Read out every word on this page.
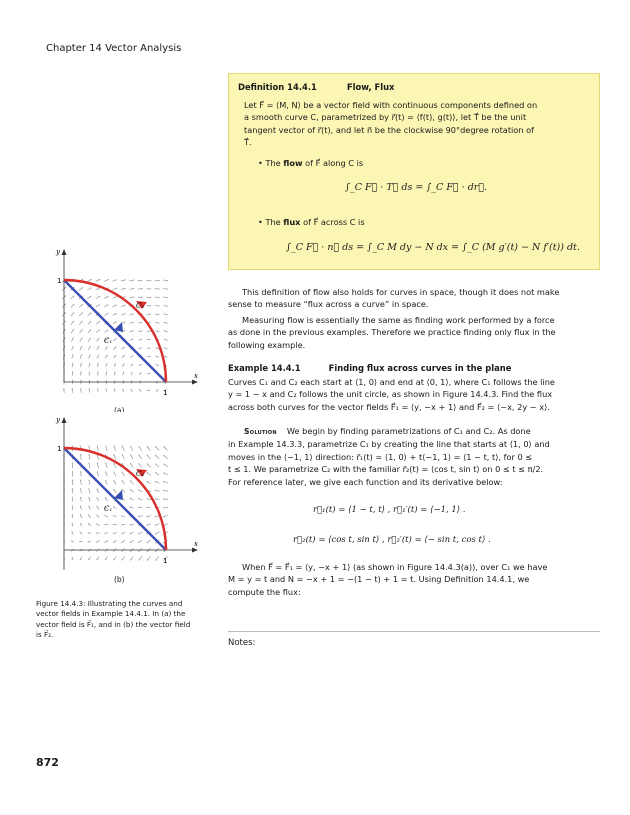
Chapter 14 Vector Analysis
Definition 14.4.1	Flow, Flux
Let F⃗ = ⟨M, N⟩ be a vector field with continuous components defined on
a smooth curve C, parametrized by r⃗(t) = ⟨f(t), g(t)⟩, let T⃗ be the unit
tangent vector of r⃗(t), and let n⃗ be the clockwise 90°degree rotation of
T⃗.
• The flow of F⃗ along C is
∫_C F⃗ · T⃗ ds = ∫_C F⃗ · dr⃗.
• The flux of F⃗ across C is
∫_C F⃗ · n⃗ ds = ∫_C M dy − N dx = ∫_C (M g′(t) − N f′(t)) dt.
This definition of flow also holds for curves in space, though it does not make
sense to measure “flux across a curve” in space.
Measuring flow is essentially the same as finding work performed by a force
as done in the previous examples. Therefore we practice finding only flux in the
following example.
Example 14.4.1	Finding flux across curves in the plane
Curves C₁ and C₂ each start at ⟨1, 0⟩ and end at ⟨0, 1⟩, where C₁ follows the line
y = 1 − x and C₂ follows the unit circle, as shown in Figure 14.4.3. Find the flux
across both curves for the vector fields F⃗₁ = ⟨y, −x + 1⟩ and F⃗₂ = ⟨−x, 2y − x⟩.
Solution We begin by finding parametrizations of C₁ and C₂. As done
in Example 14.3.3, parametrize C₁ by creating the line that starts at ⟨1, 0⟩ and
moves in the ⟨−1, 1⟩ direction: r⃗₁(t) = ⟨1, 0⟩ + t⟨−1, 1⟩ = ⟨1 − t, t⟩, for 0 ≤
t ≤ 1. We parametrize C₂ with the familiar r⃗₂(t) = ⟨cos t, sin t⟩ on 0 ≤ t ≤ π/2.
For reference later, we give each function and its derivative below:
r⃗₁(t) = ⟨1 − t, t⟩ , r⃗₁′(t) = ⟨−1, 1⟩ .
r⃗₂(t) = ⟨cos t, sin t⟩ , r⃗₂′(t) = ⟨− sin t, cos t⟩ .
When F⃗ = F⃗₁ = ⟨y, −x + 1⟩ (as shown in Figure 14.4.3(a)), over C₁ we have
M = y = t and N = −x + 1 = −(1 − t) + 1 = t. Using Definition 14.4.1, we
compute the flux:
Notes:
y
x
1
1
C₁
C₂
(a)
y
x
1
1
C₁
C₂
(b)
Figure 14.4.3: Illustrating the curves and vector fields in Example 14.4.1. In (a) the vector field is F⃗₁, and in (b) the vector field is F⃗₂.
872
